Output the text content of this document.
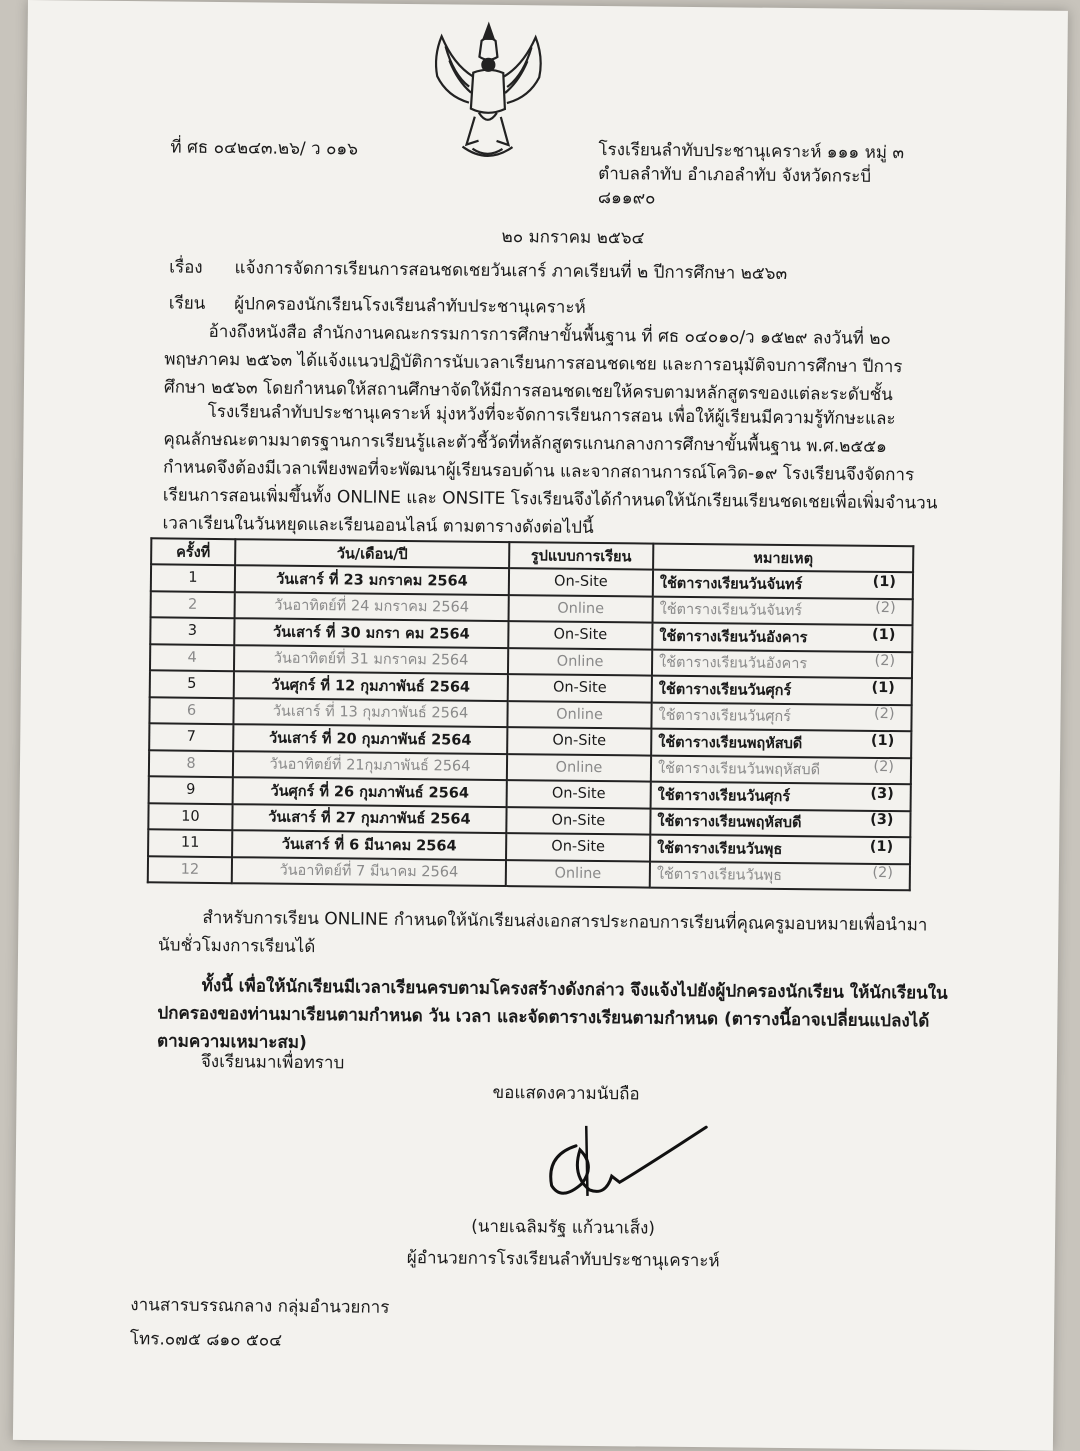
ที่ ศธ ๐๔๒๔๓.๒๖/ ว ๐๑๖	โรงเรียนลำทับประชานุเคราะห์ ๑๑๑ หมู่ ๓ ตำบลลำทับ อำเภอลำทับ จังหวัดกระบี่ ๘๑๑๙๐
๒๐ มกราคม ๒๕๖๔
เรื่อง แจ้งการจัดการเรียนการสอนชดเชยวันเสาร์ ภาคเรียนที่ ๒ ปีการศึกษา ๒๕๖๓
เรียน ผู้ปกครองนักเรียนโรงเรียนลำทับประชานุเคราะห์
อ้างถึงหนังสือ สำนักงานคณะกรรมการการศึกษาขั้นพื้นฐาน ที่ ศธ ๐๔๐๑๐/ว ๑๕๒๙ ลงวันที่ ๒๐ พฤษภาคม ๒๕๖๓ ได้แจ้งแนวปฏิบัติการนับเวลาเรียนการสอนชดเชย และการอนุมัติจบการศึกษา ปีการศึกษา ๒๕๖๓ โดยกำหนดให้สถานศึกษาจัดให้มีการสอนชดเชยให้ครบตามหลักสูตรของแต่ละระดับชั้น
โรงเรียนลำทับประชานุเคราะห์ มุ่งหวังที่จะจัดการเรียนการสอน เพื่อให้ผู้เรียนมีความรู้ทักษะและคุณลักษณะตามมาตรฐานการเรียนรู้และตัวชี้วัดที่หลักสูตรแกนกลางการศึกษาขั้นพื้นฐาน พ.ศ.๒๕๕๑ กำหนดจึงต้องมีเวลาเพียงพอที่จะพัฒนาผู้เรียนรอบด้าน และจากสถานการณ์โควิด-๑๙ โรงเรียนจึงจัดการเรียนการสอนเพิ่มขึ้นทั้ง ONLINE และ ONSITE โรงเรียนจึงได้กำหนดให้นักเรียนเรียนชดเชยเพื่อเพิ่มจำนวนเวลาเรียนในวันหยุดและเรียนออนไลน์ ตามตารางดังต่อไปนี้
ครั้งที่	วัน/เดือน/ปี	รูปแบบการเรียน	หมายเหตุ
1	วันเสาร์ ที่ 23 มกราคม 2564	On-Site	ใช้ตารางเรียนวันจันทร์ (1)

2	วันอาทิตย์ที่ 24 มกราคม 2564	Online	ใช้ตารางเรียนวันจันทร์ (2)

3	วันเสาร์ ที่ 30 มกรา คม 2564	On-Site	ใช้ตารางเรียนวันอังคาร (1)

4	วันอาทิตย์ที่ 31 มกราคม 2564	Online	ใช้ตารางเรียนวันอังคาร (2)

5	วันศุกร์ ที่ 12 กุมภาพันธ์ 2564	On-Site	ใช้ตารางเรียนวันศุกร์ (1)

6	วันเสาร์ ที่ 13 กุมภาพันธ์ 2564	Online	ใช้ตารางเรียนวันศุกร์ (2)

7	วันเสาร์ ที่ 20 กุมภาพันธ์ 2564	On-Site	ใช้ตารางเรียนพฤหัสบดี (1)

8	วันอาทิตย์ที่ 21กุมภาพันธ์ 2564	Online	ใช้ตารางเรียนวันพฤหัสบดี (2)

9	วันศุกร์ ที่ 26 กุมภาพันธ์ 2564	On-Site	ใช้ตารางเรียนวันศุกร์ (3)

10	วันเสาร์ ที่ 27 กุมภาพันธ์ 2564	On-Site	ใช้ตารางเรียนพฤหัสบดี (3)

11	วันเสาร์ ที่ 6 มีนาคม 2564	On-Site	ใช้ตารางเรียนวันพุธ (1)

12	วันอาทิตย์ที่ 7 มีนาคม 2564	Online	ใช้ตารางเรียนวันพุธ (2)
สำหรับการเรียน ONLINE กำหนดให้นักเรียนส่งเอกสารประกอบการเรียนที่คุณครูมอบหมายเพื่อนำมานับชั่วโมงการเรียนได้
ทั้งนี้ เพื่อให้นักเรียนมีเวลาเรียนครบตามโครงสร้างดังกล่าว จึงแจ้งไปยังผู้ปกครองนักเรียน ให้นักเรียนในปกครองของท่านมาเรียนตามกำหนด วัน เวลา และจัดตารางเรียนตามกำหนด (ตารางนี้อาจเปลี่ยนแปลงได้ตามความเหมาะสม)
จึงเรียนมาเพื่อทราบ
ขอแสดงความนับถือ
(นายเฉลิมรัฐ แก้วนาเส็ง)
ผู้อำนวยการโรงเรียนลำทับประชานุเคราะห์
งานสารบรรณกลาง กลุ่มอำนวยการ
โทร.๐๗๕ ๘๑๐ ๕๐๔
